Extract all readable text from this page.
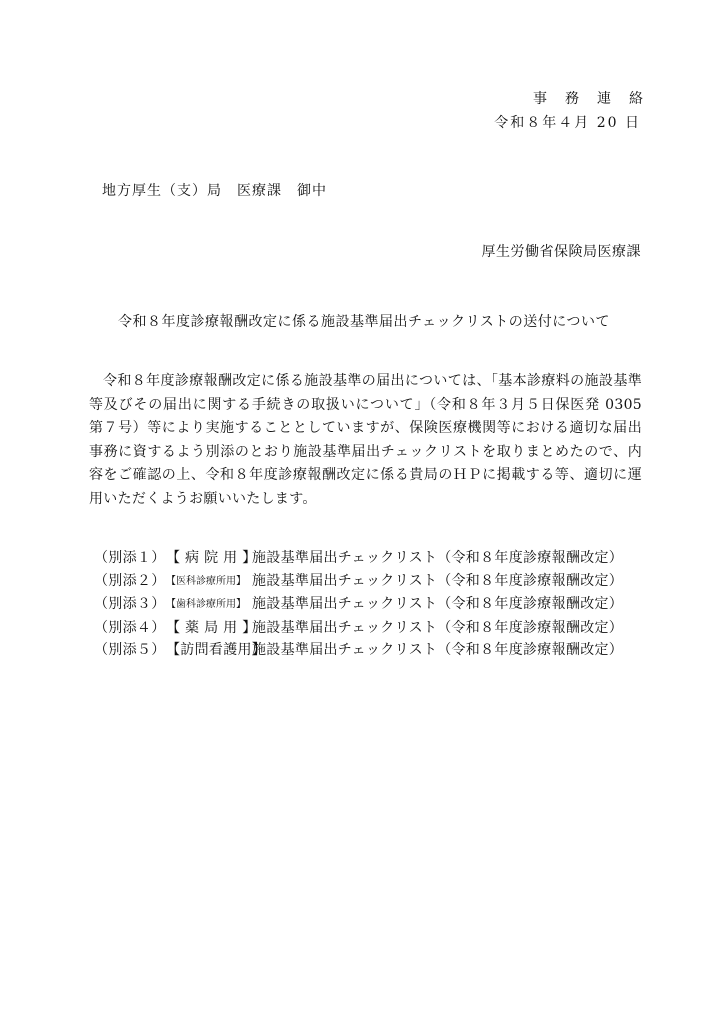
事務連絡
令和８年４月 20 日
地方厚生（支）局　医療課　御中
厚生労働省保険局医療課
令和８年度診療報酬改定に係る施設基準届出チェックリストの送付について
令和８年度診療報酬改定に係る施設基準の届出については、「基本診療料の施設基準等及びその届出に関する手続きの取扱いについて」（令和８年３月５日保医発 0305 第７号）等により実施することとしていますが、保険医療機関等における適切な届出事務に資するよう別添のとおり施設基準届出チェックリストを取りまとめたので、内容をご確認の上、令和８年度診療報酬改定に係る貴局のＨＰに掲載する等、適切に運用いただくようお願いいたします。
（別添１）【 病 院 用 】施設基準届出チェックリスト（令和８年度診療報酬改定）
（別添２）【医科診療所用】 施設基準届出チェックリスト（令和８年度診療報酬改定）
（別添３）【歯科診療所用】 施設基準届出チェックリスト（令和８年度診療報酬改定）
（別添４）【 薬 局 用 】施設基準届出チェックリスト（令和８年度診療報酬改定）
（別添５）【訪問看護用】施設基準届出チェックリスト（令和８年度診療報酬改定）
